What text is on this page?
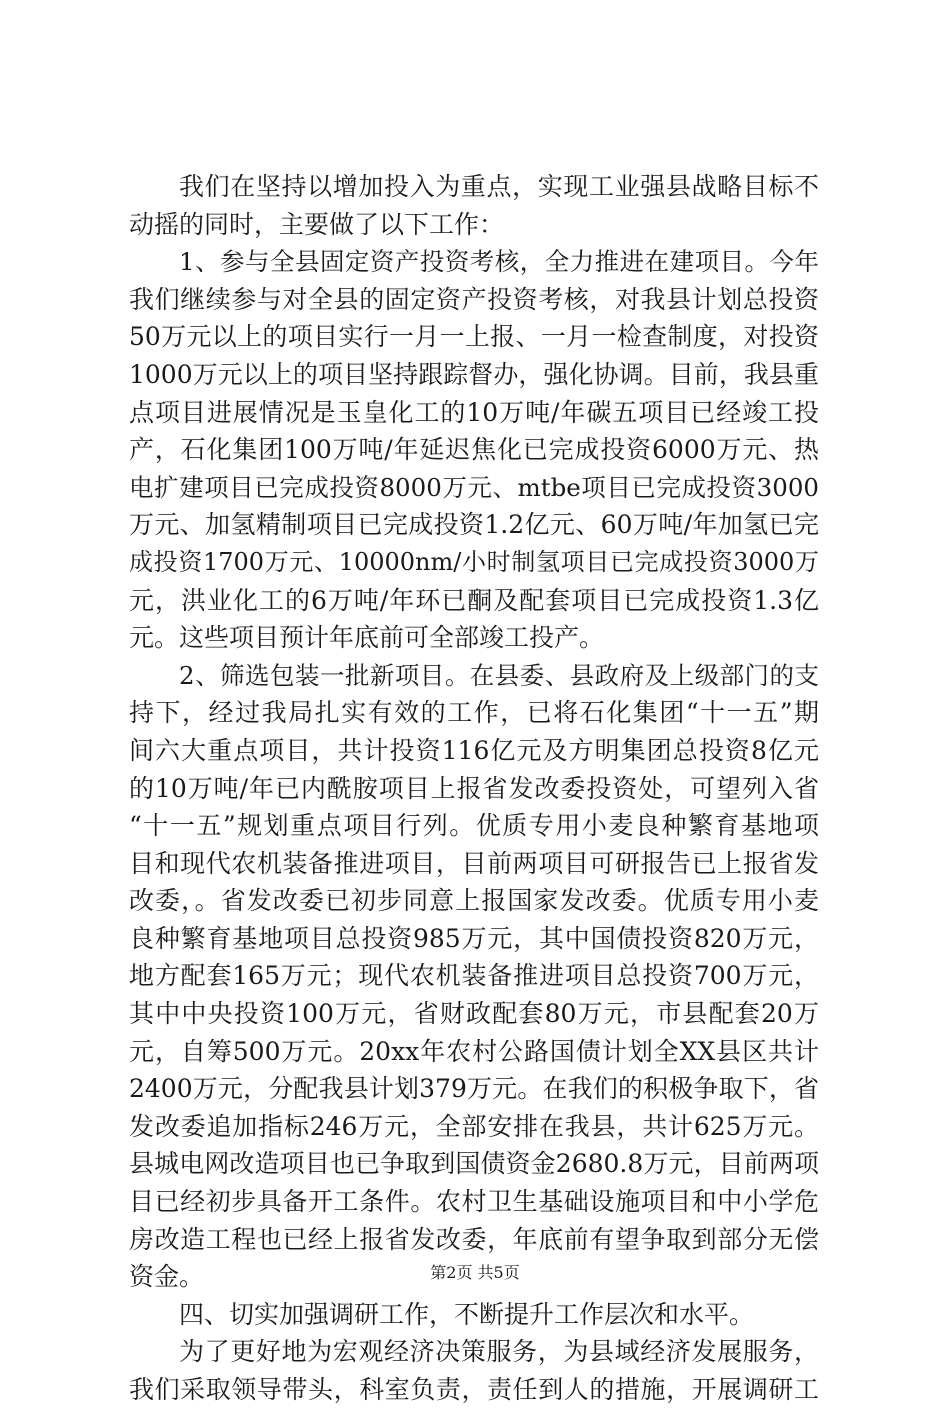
我们在坚持以增加投入为重点，实现工业强县战略目标不
动摇的同时，主要做了以下工作：
1、参与全县固定资产投资考核，全力推进在建项目。今年
我们继续参与对全县的固定资产投资考核，对我县计划总投资
50万元以上的项目实行一月一上报、一月一检查制度，对投资
1000万元以上的项目坚持跟踪督办，强化协调。目前，我县重
点项目进展情况是玉皇化工的10万吨/年碳五项目已经竣工投
产，石化集团100万吨/年延迟焦化已完成投资6000万元、热
电扩建项目已完成投资8000万元、mtbe项目已完成投资3000
万元、加氢精制项目已完成投资1.2亿元、60万吨/年加氢已完
成投资1700万元、10000nm/小时制氢项目已完成投资3000万
元，洪业化工的6万吨/年环已酮及配套项目已完成投资1.3亿
元。这些项目预计年底前可全部竣工投产。
2、筛选包装一批新项目。在县委、县政府及上级部门的支
持下，经过我局扎实有效的工作，已将石化集团“十一五”期
间六大重点项目，共计投资116亿元及方明集团总投资8亿元
的10万吨/年已内酰胺项目上报省发改委投资处，可望列入省
“十一五”规划重点项目行列。优质专用小麦良种繁育基地项
目和现代农机装备推进项目，目前两项目可研报告已上报省发
改委，。省发改委已初步同意上报国家发改委。优质专用小麦
良种繁育基地项目总投资985万元，其中国债投资820万元，
地方配套165万元；现代农机装备推进项目总投资700万元，
其中中央投资100万元，省财政配套80万元，市县配套20万
元，自筹500万元。20xx年农村公路国债计划全XX县区共计
2400万元，分配我县计划379万元。在我们的积极争取下，省
发改委追加指标246万元，全部安排在我县，共计625万元。
县城电网改造项目也已争取到国债资金2680.8万元，目前两项
目已经初步具备开工条件。农村卫生基础设施项目和中小学危
房改造工程也已经上报省发改委，年底前有望争取到部分无偿
资金。
四、切实加强调研工作，不断提升工作层次和水平。
为了更好地为宏观经济决策服务，为县域经济发展服务，
我们采取领导带头，科室负责，责任到人的措施，开展调研工
第2页 共5页
